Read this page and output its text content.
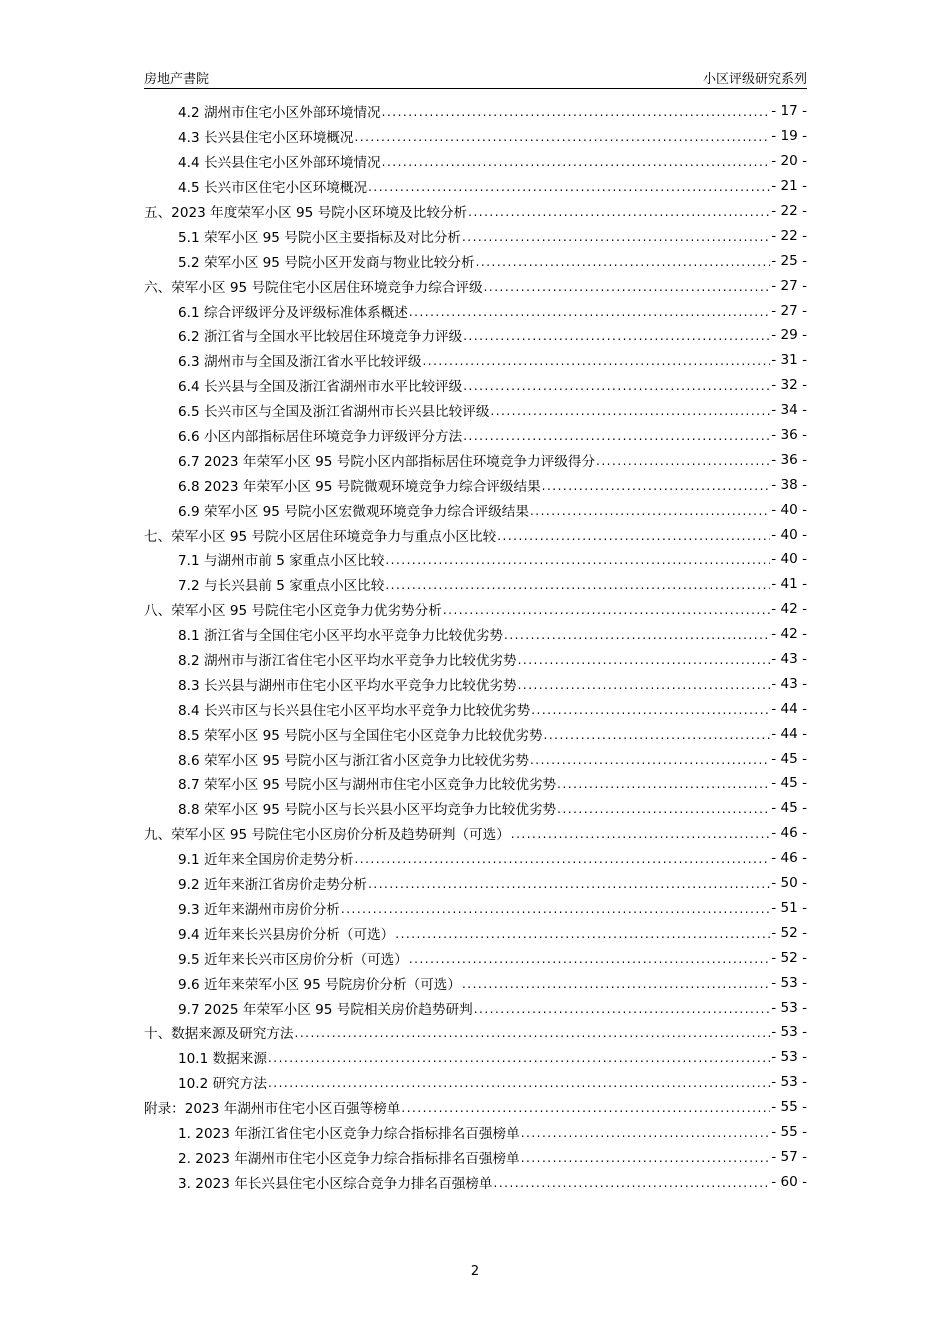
房地产書院	小区评级研究系列
4.2 湖州市住宅小区外部环境情况 .....	- 17 -
4.3 长兴县住宅小区环境概况 .....	- 19 -
4.4 长兴县住宅小区外部环境情况 .....	- 20 -
4.5 长兴市区住宅小区环境概况 .....	- 21 -
五、2023 年度荣军小区 95 号院小区环境及比较分析 .....	- 22 -
5.1 荣军小区 95 号院小区主要指标及对比分析 .....	- 22 -
5.2 荣军小区 95 号院小区开发商与物业比较分析 .....	- 25 -
六、荣军小区 95 号院住宅小区居住环境竞争力综合评级 .....	- 27 -
6.1 综合评级评分及评级标准体系概述 .....	- 27 -
6.2 浙江省与全国水平比较居住环境竞争力评级 .....	- 29 -
6.3 湖州市与全国及浙江省水平比较评级 .....	- 31 -
6.4 长兴县与全国及浙江省湖州市水平比较评级 .....	- 32 -
6.5 长兴市区与全国及浙江省湖州市长兴县比较评级 .....	- 34 -
6.6 小区内部指标居住环境竞争力评级评分方法 .....	- 36 -
6.7 2023 年荣军小区 95 号院小区内部指标居住环境竞争力评级得分 .....	- 36 -
6.8 2023 年荣军小区 95 号院微观环境竞争力综合评级结果 .....	- 38 -
6.9 荣军小区 95 号院小区宏微观环境竞争力综合评级结果 .....	- 40 -
七、荣军小区 95 号院小区居住环境竞争力与重点小区比较 .....	- 40 -
7.1 与湖州市前 5 家重点小区比较 .....	- 40 -
7.2 与长兴县前 5 家重点小区比较 .....	- 41 -
八、荣军小区 95 号院住宅小区竞争力优劣势分析 .....	- 42 -
8.1 浙江省与全国住宅小区平均水平竞争力比较优劣势 .....	- 42 -
8.2 湖州市与浙江省住宅小区平均水平竞争力比较优劣势 .....	- 43 -
8.3 长兴县与湖州市住宅小区平均水平竞争力比较优劣势 .....	- 43 -
8.4 长兴市区与长兴县住宅小区平均水平竞争力比较优劣势 .....	- 44 -
8.5 荣军小区 95 号院小区与全国住宅小区竞争力比较优劣势 .....	- 44 -
8.6 荣军小区 95 号院小区与浙江省小区竞争力比较优劣势 .....	- 45 -
8.7 荣军小区 95 号院小区与湖州市住宅小区竞争力比较优劣势 .....	- 45 -
8.8 荣军小区 95 号院小区与长兴县小区平均竞争力比较优劣势 .....	- 45 -
九、荣军小区 95 号院住宅小区房价分析及趋势研判（可选） .....	- 46 -
9.1 近年来全国房价走势分析 .....	- 46 -
9.2 近年来浙江省房价走势分析 .....	- 50 -
9.3 近年来湖州市房价分析 .....	- 51 -
9.4 近年来长兴县房价分析（可选） .....	- 52 -
9.5 近年来长兴市区房价分析（可选） .....	- 52 -
9.6 近年来荣军小区 95 号院房价分析（可选） .....	- 53 -
9.7 2025 年荣军小区 95 号院相关房价趋势研判 .....	- 53 -
十、数据来源及研究方法 .....	- 53 -
10.1 数据来源 .....	- 53 -
10.2 研究方法 .....	- 53 -
附录：2023 年湖州市住宅小区百强等榜单 .....	- 55 -
1. 2023 年浙江省住宅小区竞争力综合指标排名百强榜单 .....	- 55 -
2. 2023 年湖州市住宅小区竞争力综合指标排名百强榜单 .....	- 57 -
3. 2023 年长兴县住宅小区综合竞争力排名百强榜单 .....	- 60 -
2
